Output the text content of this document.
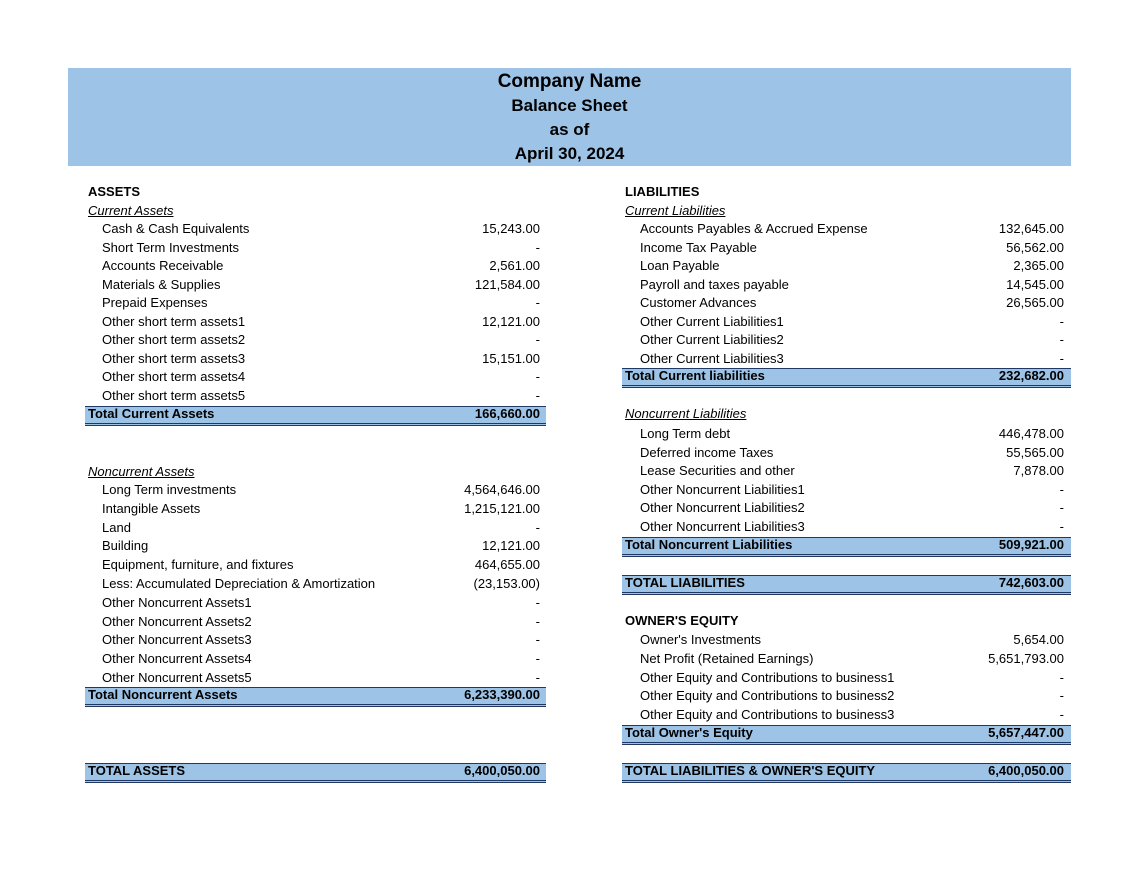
Company Name
Balance Sheet
as of
April 30, 2024
ASSETS
Current Assets
Cash & Cash Equivalents	15,243.00
Short Term Investments	-
Accounts Receivable	2,561.00
Materials & Supplies	121,584.00
Prepaid Expenses	-
Other short term assets1	12,121.00
Other short term assets2	-
Other short term assets3	15,151.00
Other short term assets4	-
Other short term assets5	-
Total Current Assets	166,660.00
Noncurrent Assets
Long Term investments	4,564,646.00
Intangible Assets	1,215,121.00
Land	-
Building	12,121.00
Equipment, furniture, and fixtures	464,655.00
Less: Accumulated Depreciation & Amortization	(23,153.00)
Other Noncurrent Assets1	-
Other Noncurrent Assets2	-
Other Noncurrent Assets3	-
Other Noncurrent Assets4	-
Other Noncurrent Assets5	-
Total Noncurrent Assets	6,233,390.00
TOTAL ASSETS	6,400,050.00
LIABILITIES
Current Liabilities
Accounts Payables & Accrued Expense	132,645.00
Income Tax Payable	56,562.00
Loan Payable	2,365.00
Payroll and taxes payable	14,545.00
Customer Advances	26,565.00
Other Current Liabilities1	-
Other Current Liabilities2	-
Other Current Liabilities3	-
Total Current liabilities	232,682.00
Noncurrent Liabilities
Long Term debt	446,478.00
Deferred income Taxes	55,565.00
Lease Securities and other	7,878.00
Other Noncurrent Liabilities1	-
Other Noncurrent Liabilities2	-
Other Noncurrent Liabilities3	-
Total Noncurrent Liabilities	509,921.00
TOTAL LIABILITIES	742,603.00
OWNER'S EQUITY
Owner's Investments	5,654.00
Net Profit (Retained Earnings)	5,651,793.00
Other Equity and Contributions to business1	-
Other Equity and Contributions to business2	-
Other Equity and Contributions to business3	-
Total Owner's Equity	5,657,447.00
TOTAL LIABILITIES & OWNER'S EQUITY	6,400,050.00
